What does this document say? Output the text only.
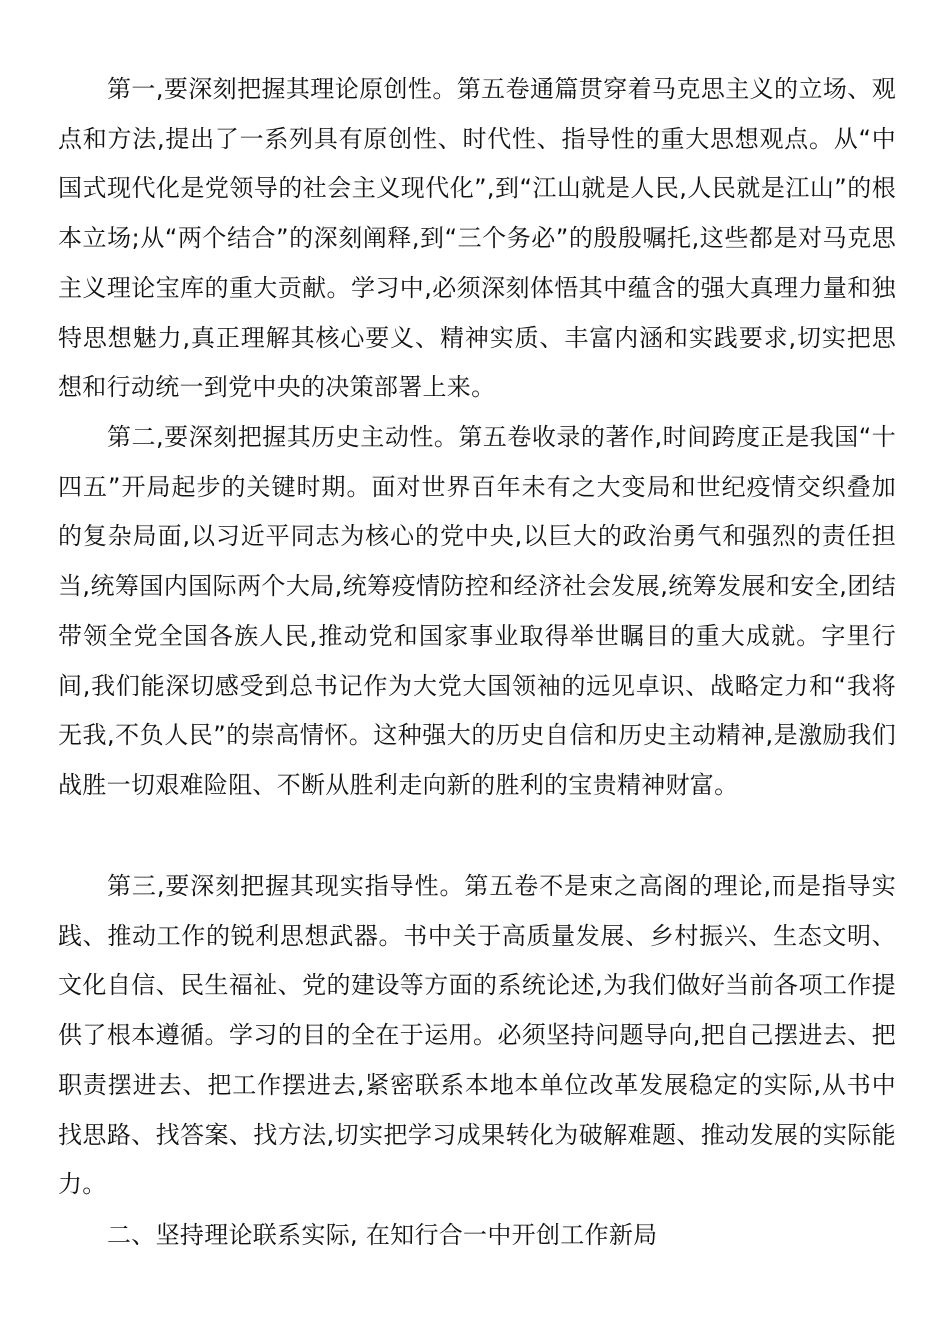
第一,要深刻把握其理论原创性。第五卷通篇贯穿着马克思主义的立场、观点和方法,提出了一系列具有原创性、时代性、指导性的重大思想观点。从“中国式现代化是党领导的社会主义现代化”,到“江山就是人民,人民就是江山”的根本立场;从“两个结合”的深刻阐释,到“三个务必”的殷殷嘱托,这些都是对马克思主义理论宝库的重大贡献。学习中,必须深刻体悟其中蕴含的强大真理力量和独特思想魅力,真正理解其核心要义、精神实质、丰富内涵和实践要求,切实把思想和行动统一到党中央的决策部署上来。

第二,要深刻把握其历史主动性。第五卷收录的著作,时间跨度正是我国“十四五”开局起步的关键时期。面对世界百年未有之大变局和世纪疫情交织叠加的复杂局面,以习近平同志为核心的党中央,以巨大的政治勇气和强烈的责任担当,统筹国内国际两个大局,统筹疫情防控和经济社会发展,统筹发展和安全,团结带领全党全国各族人民,推动党和国家事业取得举世瞩目的重大成就。字里行间,我们能深切感受到总书记作为大党大国领袖的远见卓识、战略定力和“我将无我,不负人民”的崇高情怀。这种强大的历史自信和历史主动精神,是激励我们战胜一切艰难险阻、不断从胜利走向新的胜利的宝贵精神财富。

第三,要深刻把握其现实指导性。第五卷不是束之高阁的理论,而是指导实践、推动工作的锐利思想武器。书中关于高质量发展、乡村振兴、生态文明、文化自信、民生福祉、党的建设等方面的系统论述,为我们做好当前各项工作提供了根本遵循。学习的目的全在于运用。必须坚持问题导向,把自己摆进去、把职责摆进去、把工作摆进去,紧密联系本地本单位改革发展稳定的实际,从书中找思路、找答案、找方法,切实把学习成果转化为破解难题、推动发展的实际能力。

二、坚持理论联系实际, 在知行合一中开创工作新局
